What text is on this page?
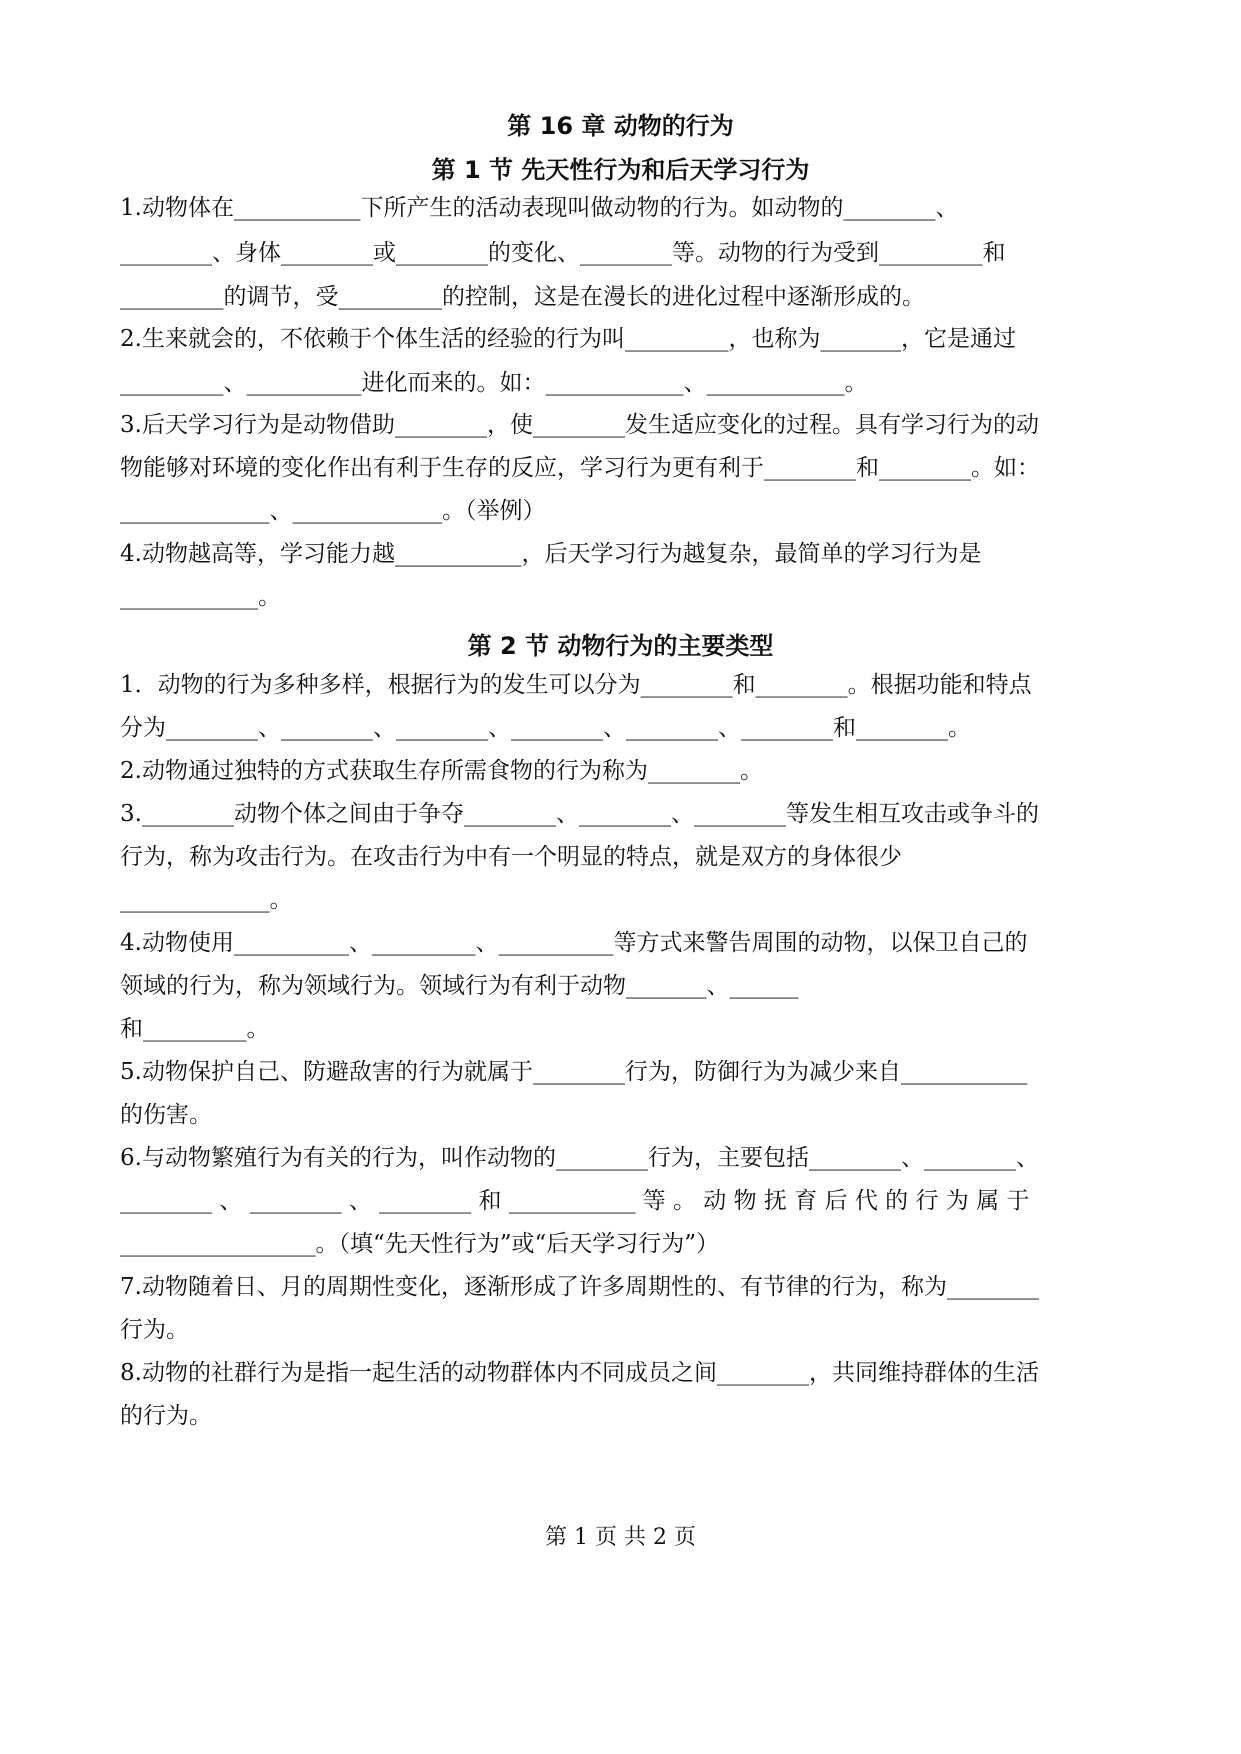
第 16 章 动物的行为
第 1 节 先天性行为和后天学习行为
1.动物体在___________下所产生的活动表现叫做动物的行为。如动物的________、
________、身体________或________的变化、________等。动物的行为受到_________和
_________的调节，受_________的控制，这是在漫长的进化过程中逐渐形成的。
2.生来就会的，不依赖于个体生活的经验的行为叫_________，也称为_______，它是通过
_________、__________进化而来的。如：____________、____________。
3.后天学习行为是动物借助________，使________发生适应变化的过程。具有学习行为的动
物能够对环境的变化作出有利于生存的反应，学习行为更有利于________和________。如：
_____________、_____________。（举例）
4.动物越高等，学习能力越___________，后天学习行为越复杂，最简单的学习行为是
____________。
第 2 节 动物行为的主要类型
1．动物的行为多种多样，根据行为的发生可以分为________和________。根据功能和特点
分为________、________、________、________、________、________和________。
2.动物通过独特的方式获取生存所需食物的行为称为________。
3.________动物个体之间由于争夺________、________、________等发生相互攻击或争斗的
行为，称为攻击行为。在攻击行为中有一个明显的特点，就是双方的身体很少
_____________。
4.动物使用__________、_________、__________等方式来警告周围的动物，以保卫自己的
领域的行为，称为领域行为。领域行为有利于动物_______、______
和_________。
5.动物保护自己、防避敌害的行为就属于________行为，防御行为为减少来自___________
的伤害。
6.与动物繁殖行为有关的行为，叫作动物的________行为，主要包括________、________、
________ 、 ________ 、 ________ 和 ___________ 等 。 动 物 抚 育 后 代 的 行 为 属 于
_________________。（填“先天性行为”或“后天学习行为”）
7.动物随着日、月的周期性变化，逐渐形成了许多周期性的、有节律的行为，称为________
行为。
8.动物的社群行为是指一起生活的动物群体内不同成员之间________，共同维持群体的生活
的行为。
第 1 页 共 2 页
